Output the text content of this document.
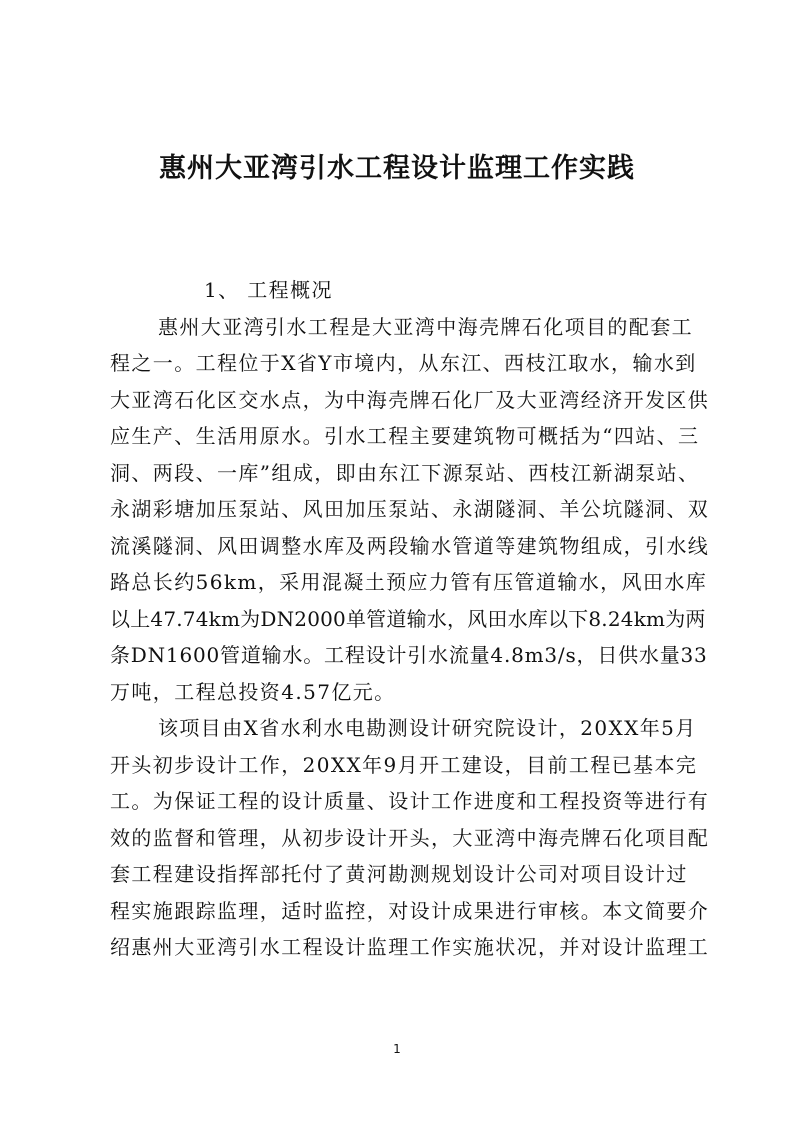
惠州大亚湾引水工程设计监理工作实践
1、 工程概况
惠州大亚湾引水工程是大亚湾中海壳牌石化项目的配套工
程之一。工程位于X省Y市境内，从东江、西枝江取水，输水到
大亚湾石化区交水点，为中海壳牌石化厂及大亚湾经济开发区供
应生产、生活用原水。引水工程主要建筑物可概括为“四站、三
洞、两段、一库”组成，即由东江下源泵站、西枝江新湖泵站、
永湖彩塘加压泵站、风田加压泵站、永湖隧洞、羊公坑隧洞、双
流溪隧洞、风田调整水库及两段输水管道等建筑物组成，引水线
路总长约56km，采用混凝土预应力管有压管道输水，风田水库
以上47.74km为DN2000单管道输水，风田水库以下8.24km为两
条DN1600管道输水。工程设计引水流量4.8m3/s，日供水量33
万吨，工程总投资4.57亿元。
该项目由X省水利水电勘测设计研究院设计，20XX年5月
开头初步设计工作，20XX年9月开工建设，目前工程已基本完
工。为保证工程的设计质量、设计工作进度和工程投资等进行有
效的监督和管理，从初步设计开头，大亚湾中海壳牌石化项目配
套工程建设指挥部托付了黄河勘测规划设计公司对项目设计过
程实施跟踪监理，适时监控，对设计成果进行审核。本文简要介
绍惠州大亚湾引水工程设计监理工作实施状况，并对设计监理工
1
